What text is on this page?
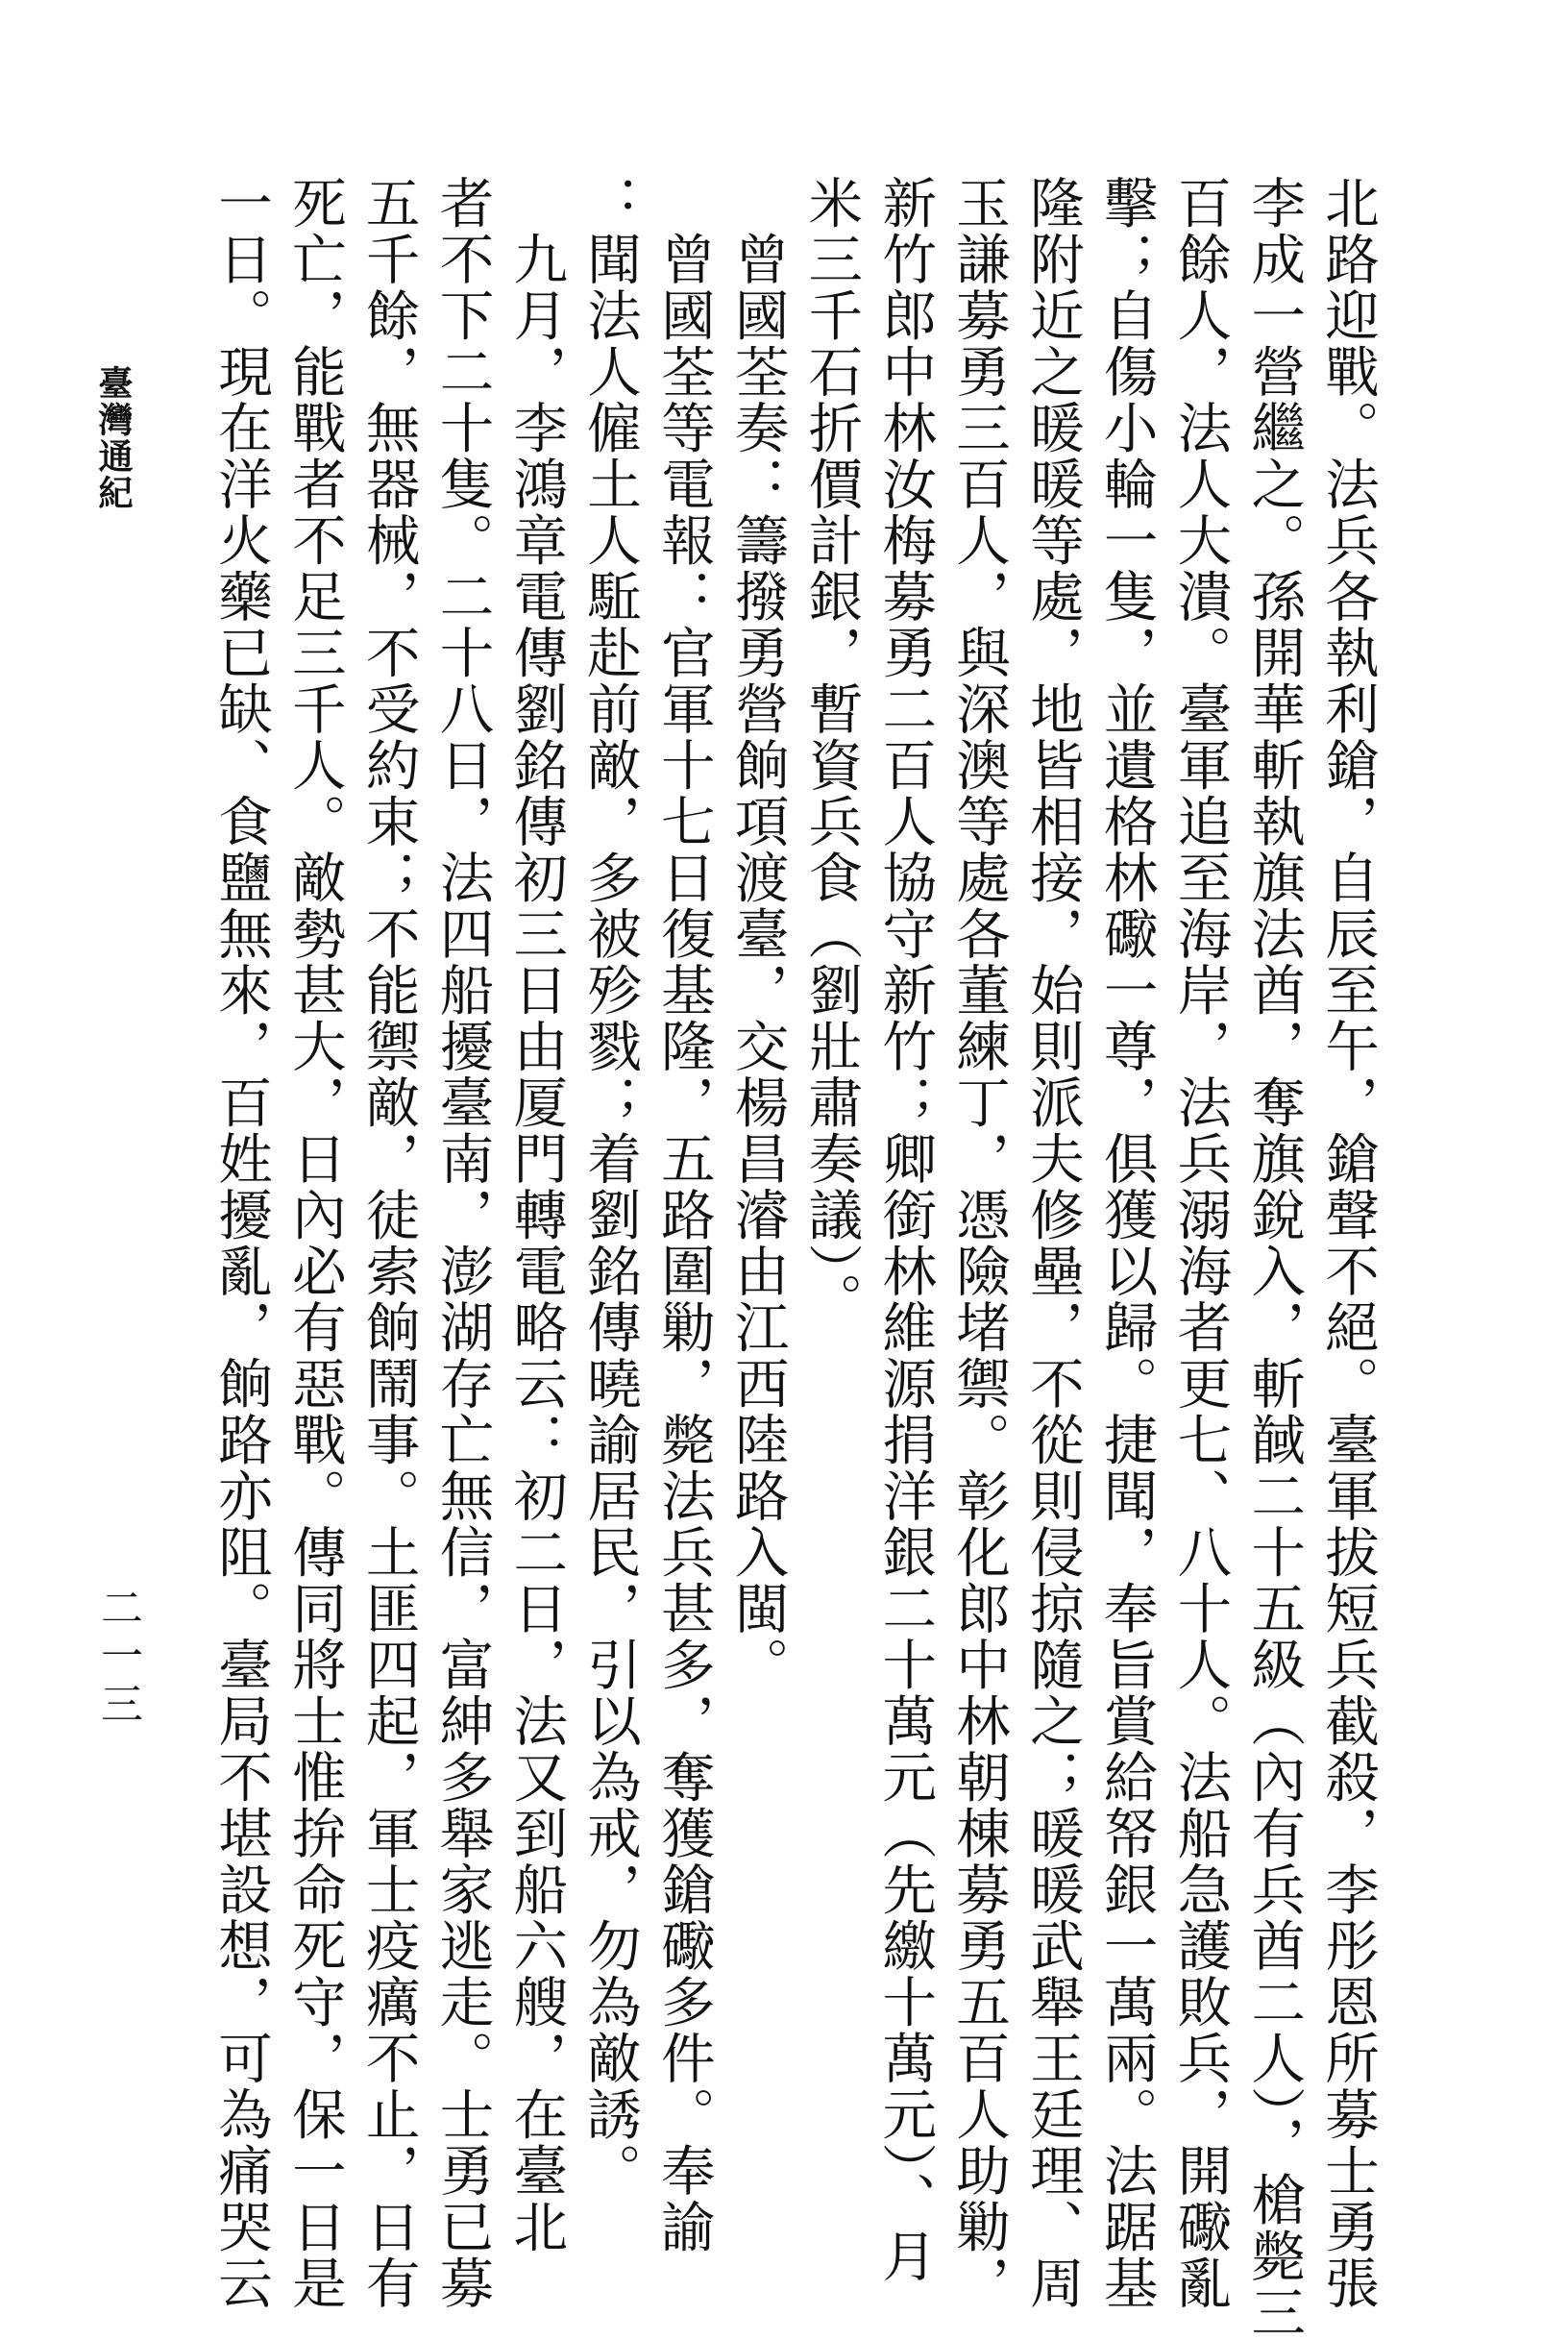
臺灣通紀
二一三	北路迎戰。法兵各執利鎗，自辰至午，鎗聲不絕。臺軍拔短兵截殺，李彤恩所募士勇張
李成一營繼之。孫開華斬執旗法酋，奪旗銳入，斬馘二十五級（內有兵酋二人），槍斃三
百餘人，法人大潰。臺軍追至海岸，法兵溺海者更七、八十人。法船急護敗兵，開礮亂
擊；自傷小輪一隻，並遺格林礮一尊，俱獲以歸。捷聞，奉旨賞給帑銀一萬兩。法踞基
隆附近之暖暖等處，地皆相接，始則派夫修壘，不從則侵掠隨之；暖暖武舉王廷理、周
玉謙募勇三百人，與深澳等處各董練丁，憑險堵禦。彰化郎中林朝棟募勇五百人助勦，
新竹郎中林汝梅募勇二百人協守新竹；卿銜林維源捐洋銀二十萬元（先繳十萬元）、月
米三千石折價計銀，暫資兵食（劉壯肅奏議）。
　曾國荃奏：籌撥勇營餉項渡臺，交楊昌濬由江西陸路入閩。
　曾國荃等電報：官軍十七日復基隆，五路圍勦，斃法兵甚多，奪獲鎗礮多件。奉諭
：聞法人僱土人駈赴前敵，多被殄戮；着劉銘傳曉諭居民，引以為戒，勿為敵誘。
　九月，李鴻章電傳劉銘傳初三日由厦門轉電略云：初二日，法又到船六艘，在臺北
者不下二十隻。二十八日，法四船擾臺南，澎湖存亡無信，富紳多舉家逃走。士勇已募
五千餘，無器械，不受約束；不能禦敵，徒索餉鬧事。土匪四起，軍士疫癘不止，日有
死亡，能戰者不足三千人。敵勢甚大，日內必有惡戰。傳同將士惟拚命死守，保一日是
一日。現在洋火藥已缺、食鹽無來，百姓擾亂，餉路亦阻。臺局不堪設想，可為痛哭云
